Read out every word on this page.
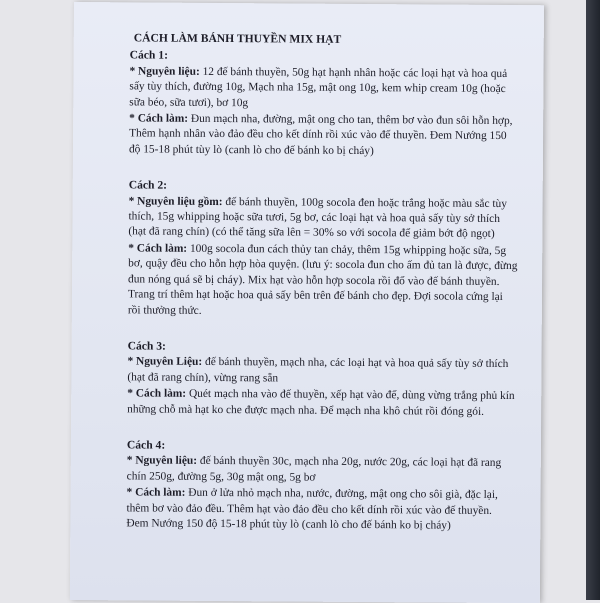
CÁCH LÀM BÁNH THUYỀN MIX HẠT
Cách 1:
* Nguyên liệu: 12 đế bánh thuyền, 50g hạt hạnh nhân hoặc các loại hạt và hoa quả sấy tùy thích, đường 10g, Mạch nha 15g, mật ong 10g, kem whip cream 10g (hoặc sữa béo, sữa tươi), bơ 10g
* Cách làm: Đun mạch nha, đường, mật ong cho tan, thêm bơ vào đun sôi hỗn hợp, Thêm hạnh nhân vào đảo đều cho kết dính rồi xúc vào đế thuyền. Đem Nướng 150 độ 15-18 phút tùy lò (canh lò cho đế bánh ko bị cháy)
Cách 2:
* Nguyên liệu gồm: đế bánh thuyền, 100g socola đen hoặc trắng hoặc màu sắc tùy thích, 15g whipping hoặc sữa tươi, 5g bơ, các loại hạt và hoa quả sấy tùy sở thích (hạt đã rang chín) (có thể tăng sữa lên = 30% so với socola để giảm bớt độ ngọt)
* Cách làm: 100g socola đun cách thủy tan chảy, thêm 15g whipping hoặc sữa, 5g bơ, quậy đều cho hỗn hợp hòa quyện. (lưu ý: socola đun cho ấm đủ tan là được, đừng đun nóng quá sẽ bị cháy). Mix hạt vào hỗn hợp socola rồi đổ vào đế bánh thuyền. Trang trí thêm hạt hoặc hoa quả sấy bên trên đế bánh cho đẹp. Đợi socola cứng lại rồi thưởng thức.
Cách 3:
* Nguyên Liệu: đế bánh thuyền, mạch nha, các loại hạt và hoa quả sấy tùy sở thích (hạt đã rang chín), vừng rang sẵn
* Cách làm: Quét mạch nha vào đế thuyền, xếp hạt vào đế, dùng vừng trắng phủ kín những chỗ mà hạt ko che được mạch nha. Để mạch nha khô chút rồi đóng gói.
Cách 4:
* Nguyên liệu: đế bánh thuyền 30c, mạch nha 20g, nước 20g, các loại hạt đã rang chín 250g, đường 5g, 30g mật ong, 5g bơ
* Cách làm: Đun ở lửa nhỏ mạch nha, nước, đường, mật ong cho sôi già, đặc lại, thêm bơ vào đảo đều. Thêm hạt vào đảo đều cho kết dính rồi xúc vào đế thuyền. Đem Nướng 150 độ 15-18 phút tùy lò (canh lò cho đế bánh ko bị cháy)
